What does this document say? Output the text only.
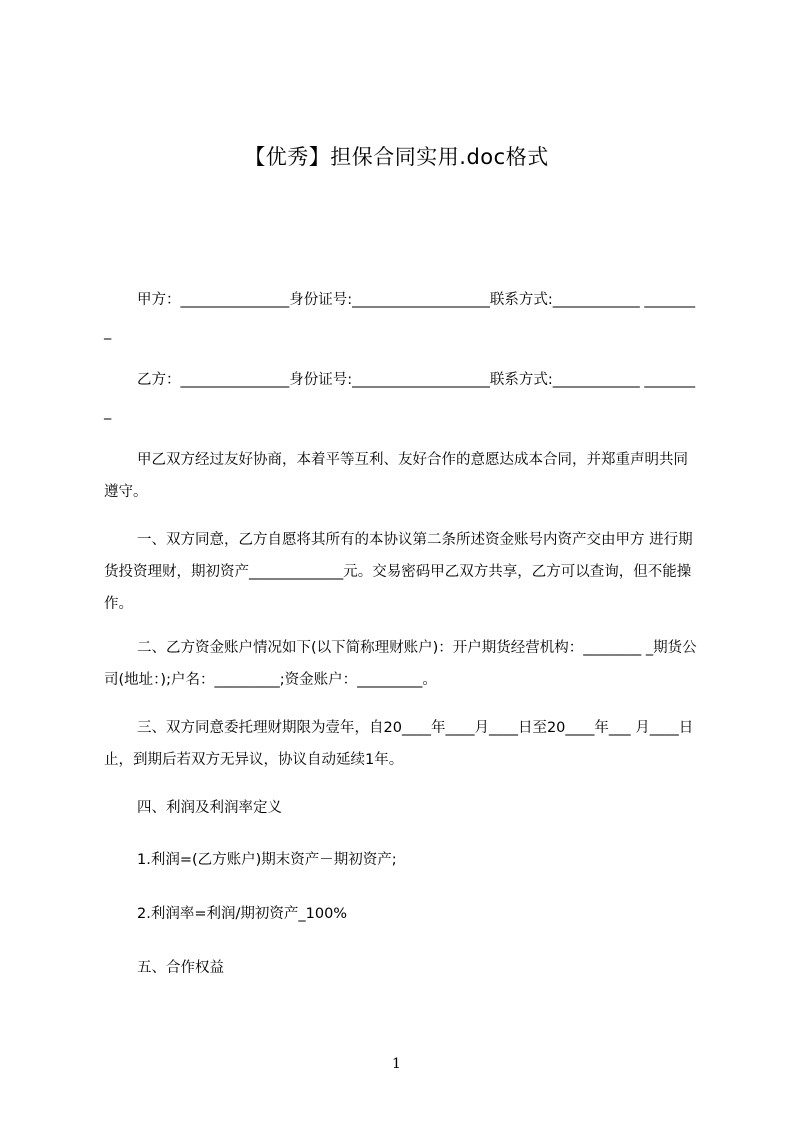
【优秀】担保合同实用.doc格式
甲方：_______________身份证号:___________________联系方式:____________ ________
乙方：_______________身份证号:___________________联系方式:____________ ________
甲乙双方经过友好协商，本着平等互利、友好合作的意愿达成本合同，并郑重声明共同遵守。
一、双方同意，乙方自愿将其所有的本协议第二条所述资金账号内资产交由甲方 进行期货投资理财，期初资产_____________元。交易密码甲乙双方共享，乙方可以查询，但不能操作。
二、乙方资金账户情况如下(以下简称理财账户)：开户期货经营机构：________ _期货公司(地址：);户名：_________;资金账户：_________。
三、双方同意委托理财期限为壹年，自20____年____月____日至20____年___ 月____日止，到期后若双方无异议，协议自动延续1年。
四、利润及利润率定义
1.利润=(乙方账户)期末资产－期初资产;
2.利润率=利润/期初资产_100%
五、合作权益
1
